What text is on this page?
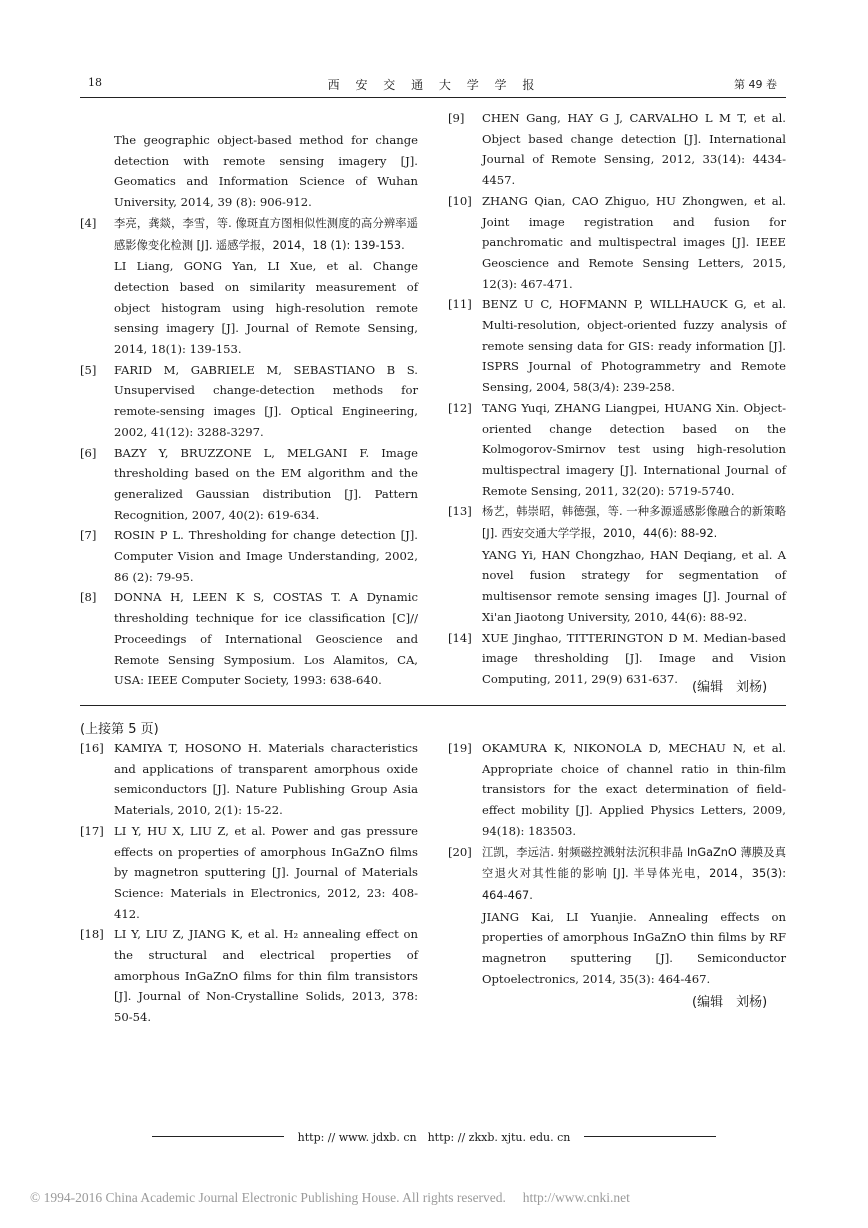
18	西 安 交 通 大 学 学 报	第 49 卷
The geographic object-based method for change detection with remote sensing imagery [J]. Geomatics and Information Science of Wuhan University, 2014, 39 (8): 906-912.
[4] 李亮，龚燚，李雪，等. 像斑直方图相似性测度的高分辨率遥感影像变化检测 [J]. 遥感学报，2014，18 (1): 139-153.
LI Liang, GONG Yan, LI Xue, et al. Change detection based on similarity measurement of object histogram using high-resolution remote sensing imagery [J]. Journal of Remote Sensing, 2014, 18(1): 139-153.
[5] FARID M, GABRIELE M, SEBASTIANO B S. Unsupervised change-detection methods for remote-sensing images [J]. Optical Engineering, 2002, 41(12): 3288-3297.
[6] BAZY Y, BRUZZONE L, MELGANI F. Image thresholding based on the EM algorithm and the generalized Gaussian distribution [J]. Pattern Recognition, 2007, 40(2): 619-634.
[7] ROSIN P L. Thresholding for change detection [J]. Computer Vision and Image Understanding, 2002, 86 (2): 79-95.
[8] DONNA H, LEEN K S, COSTAS T. A Dynamic thresholding technique for ice classification [C]// Proceedings of International Geoscience and Remote Sensing Symposium. Los Alamitos, CA, USA: IEEE Computer Society, 1993: 638-640.
[9] CHEN Gang, HAY G J, CARVALHO L M T, et al. Object based change detection [J]. International Journal of Remote Sensing, 2012, 33(14): 4434-4457.
[10] ZHANG Qian, CAO Zhiguo, HU Zhongwen, et al. Joint image registration and fusion for panchromatic and multispectral images [J]. IEEE Geoscience and Remote Sensing Letters, 2015, 12(3): 467-471.
[11] BENZ U C, HOFMANN P, WILLHAUCK G, et al. Multi-resolution, object-oriented fuzzy analysis of remote sensing data for GIS: ready information [J]. ISPRS Journal of Photogrammetry and Remote Sensing, 2004, 58(3/4): 239-258.
[12] TANG Yuqi, ZHANG Liangpei, HUANG Xin. Object-oriented change detection based on the Kolmogorov-Smirnov test using high-resolution multispectral imagery [J]. International Journal of Remote Sensing, 2011, 32(20): 5719-5740.
[13] 杨艺，韩崇昭，韩德强，等. 一种多源遥感影像融合的新策略 [J]. 西安交通大学学报，2010，44(6): 88-92.
YANG Yi, HAN Chongzhao, HAN Deqiang, et al. A novel fusion strategy for segmentation of multisensor remote sensing images [J]. Journal of Xi'an Jiaotong University, 2010, 44(6): 88-92.
[14] XUE Jinghao, TITTERINGTON D M. Median-based image thresholding [J]. Image and Vision Computing, 2011, 29(9) 631-637.
(编辑　刘杨)
(上接第 5 页)
[16] KAMIYA T, HOSONO H. Materials characteristics and applications of transparent amorphous oxide semiconductors [J]. Nature Publishing Group Asia Materials, 2010, 2(1): 15-22.
[17] LI Y, HU X, LIU Z, et al. Power and gas pressure effects on properties of amorphous InGaZnO films by magnetron sputtering [J]. Journal of Materials Science: Materials in Electronics, 2012, 23: 408-412.
[18] LI Y, LIU Z, JIANG K, et al. H₂ annealing effect on the structural and electrical properties of amorphous InGaZnO films for thin film transistors [J]. Journal of Non-Crystalline Solids, 2013, 378: 50-54.
[19] OKAMURA K, NIKONOLA D, MECHAU N, et al. Appropriate choice of channel ratio in thin-film transistors for the exact determination of field-effect mobility [J]. Applied Physics Letters, 2009, 94(18): 183503.
[20] 江凯，李远洁. 射频磁控溅射法沉积非晶 InGaZnO 薄膜及真空退火对其性能的影响 [J]. 半导体光电，2014，35(3): 464-467.
JIANG Kai, LI Yuanjie. Annealing effects on properties of amorphous InGaZnO thin films by RF magnetron sputtering [J]. Semiconductor Optoelectronics, 2014, 35(3): 464-467.
(编辑　刘杨)
http: // www. jdxb. cn　http: // zkxb. xjtu. edu. cn
© 1994-2016 China Academic Journal Electronic Publishing House. All rights reserved.　 http://www.cnki.net
